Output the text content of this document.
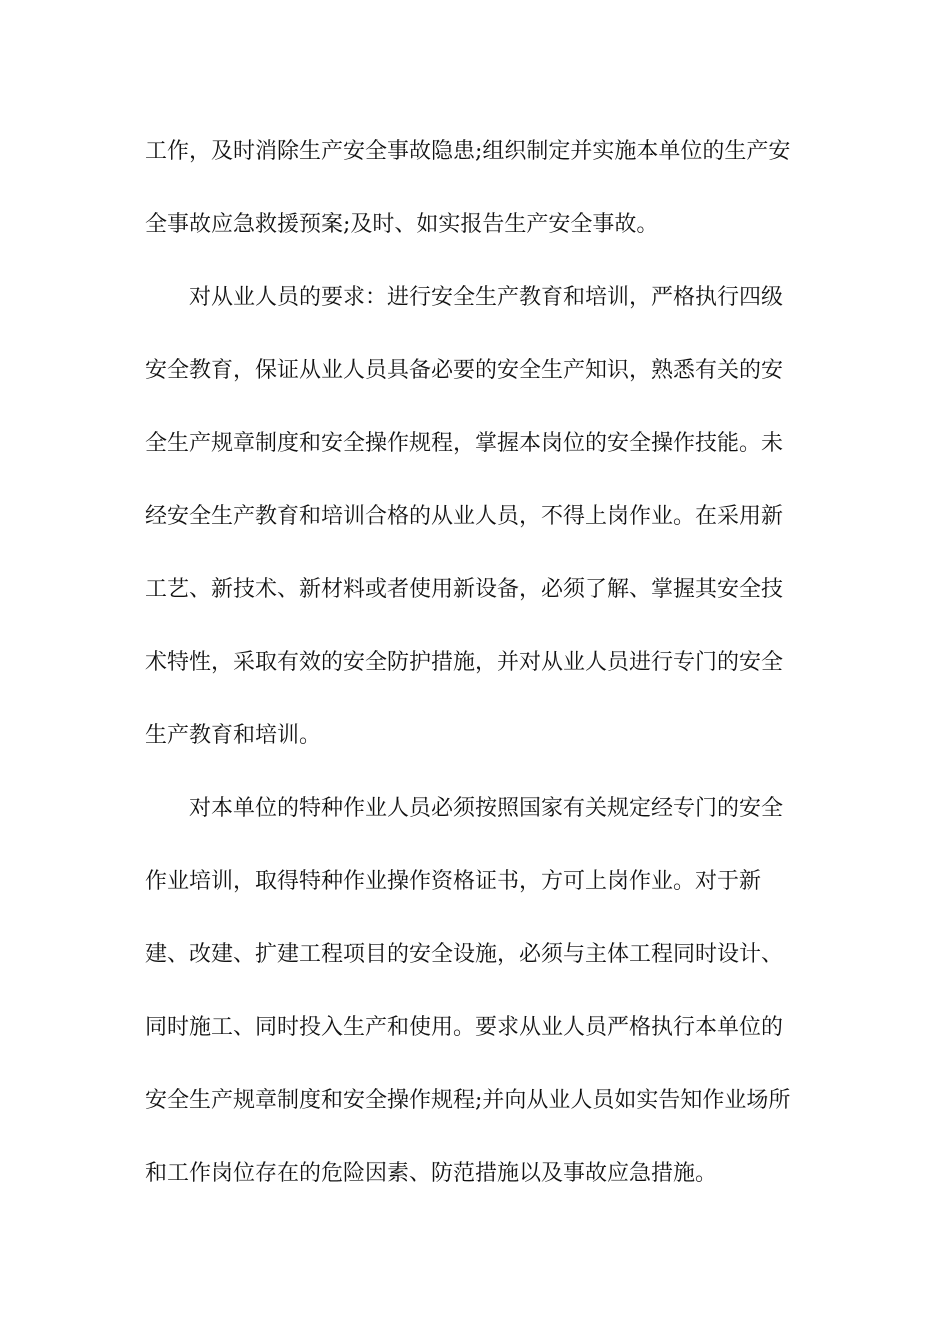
工作，及时消除生产安全事故隐患;组织制定并实施本单位的生产安
全事故应急救援预案;及时、如实报告生产安全事故。
对从业人员的要求：进行安全生产教育和培训，严格执行四级
安全教育，保证从业人员具备必要的安全生产知识，熟悉有关的安
全生产规章制度和安全操作规程，掌握本岗位的安全操作技能。未
经安全生产教育和培训合格的从业人员，不得上岗作业。在采用新
工艺、新技术、新材料或者使用新设备，必须了解、掌握其安全技
术特性，采取有效的安全防护措施，并对从业人员进行专门的安全
生产教育和培训。
对本单位的特种作业人员必须按照国家有关规定经专门的安全
作业培训，取得特种作业操作资格证书，方可上岗作业。对于新
建、改建、扩建工程项目的安全设施，必须与主体工程同时设计、
同时施工、同时投入生产和使用。要求从业人员严格执行本单位的
安全生产规章制度和安全操作规程;并向从业人员如实告知作业场所
和工作岗位存在的危险因素、防范措施以及事故应急措施。
